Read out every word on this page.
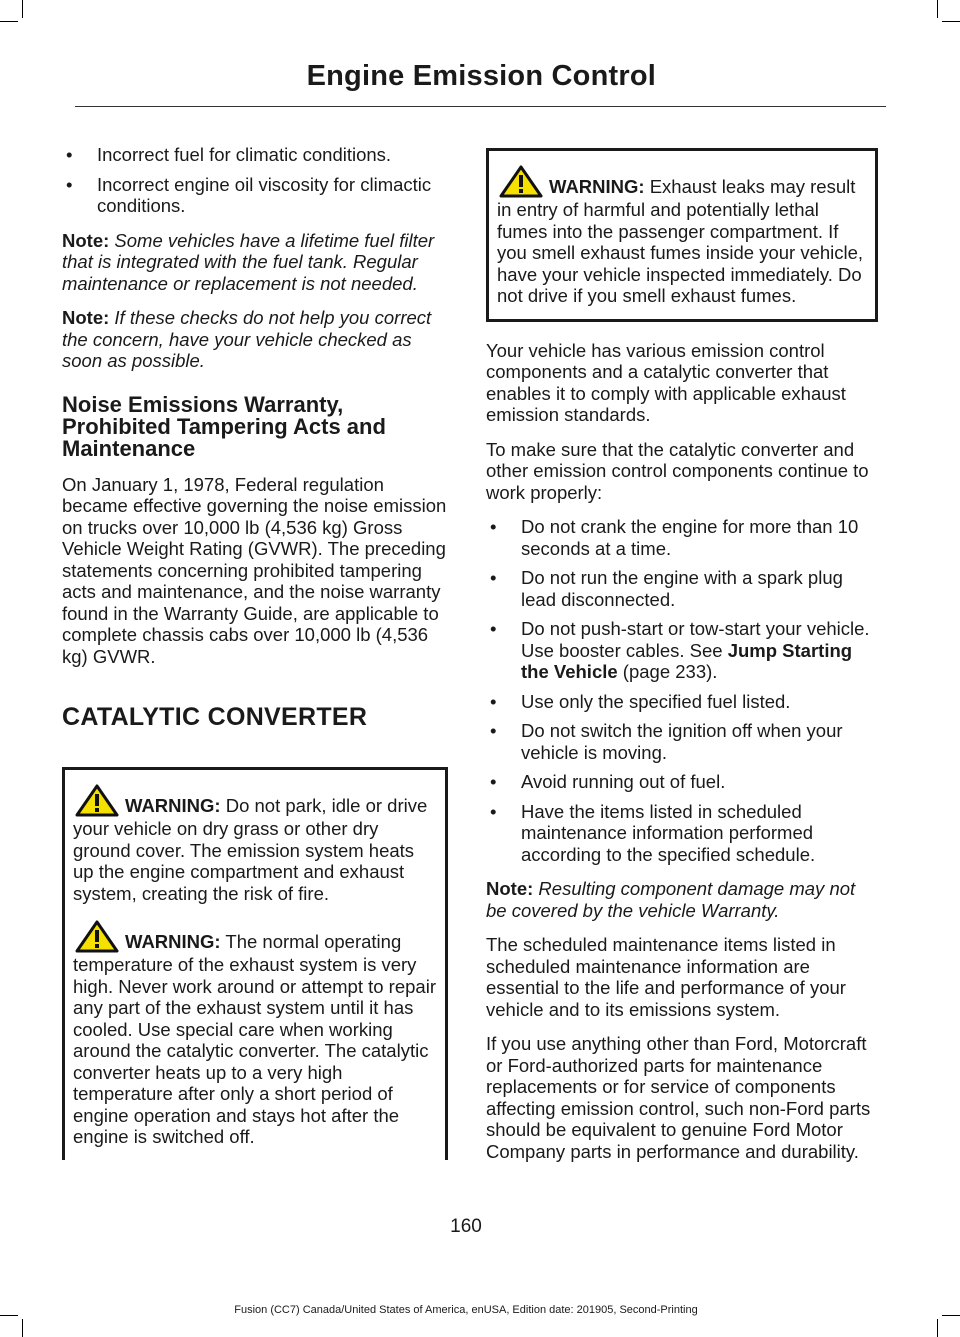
Engine Emission Control
• Incorrect fuel for climatic conditions.
• Incorrect engine oil viscosity for climactic conditions.

Note: Some vehicles have a lifetime fuel filter that is integrated with the fuel tank. Regular maintenance or replacement is not needed.

Note: If these checks do not help you correct the concern, have your vehicle checked as soon as possible.

Noise Emissions Warranty, Prohibited Tampering Acts and Maintenance

On January 1, 1978, Federal regulation became effective governing the noise emission on trucks over 10,000 lb (4,536 kg) Gross Vehicle Weight Rating (GVWR). The preceding statements concerning prohibited tampering acts and maintenance, and the noise warranty found in the Warranty Guide, are applicable to complete chassis cabs over 10,000 lb (4,536 kg) GVWR.

CATALYTIC CONVERTER

WARNING: Do not park, idle or drive your vehicle on dry grass or other dry ground cover. The emission system heats up the engine compartment and exhaust system, creating the risk of fire.

WARNING: The normal operating temperature of the exhaust system is very high. Never work around or attempt to repair any part of the exhaust system until it has cooled. Use special care when working around the catalytic converter. The catalytic converter heats up to a very high temperature after only a short period of engine operation and stays hot after the engine is switched off.

WARNING: Exhaust leaks may result in entry of harmful and potentially lethal fumes into the passenger compartment. If you smell exhaust fumes inside your vehicle, have your vehicle inspected immediately. Do not drive if you smell exhaust fumes.

Your vehicle has various emission control components and a catalytic converter that enables it to comply with applicable exhaust emission standards.

To make sure that the catalytic converter and other emission control components continue to work properly:

• Do not crank the engine for more than 10 seconds at a time.
• Do not run the engine with a spark plug lead disconnected.
• Do not push-start or tow-start your vehicle. Use booster cables. See Jump Starting the Vehicle (page 233).
• Use only the specified fuel listed.
• Do not switch the ignition off when your vehicle is moving.
• Avoid running out of fuel.
• Have the items listed in scheduled maintenance information performed according to the specified schedule.

Note: Resulting component damage may not be covered by the vehicle Warranty.

The scheduled maintenance items listed in scheduled maintenance information are essential to the life and performance of your vehicle and to its emissions system.

If you use anything other than Ford, Motorcraft or Ford-authorized parts for maintenance replacements or for service of components affecting emission control, such non-Ford parts should be equivalent to genuine Ford Motor Company parts in performance and durability.

160
Fusion (CC7) Canada/United States of America, enUSA, Edition date: 201905, Second-Printing
